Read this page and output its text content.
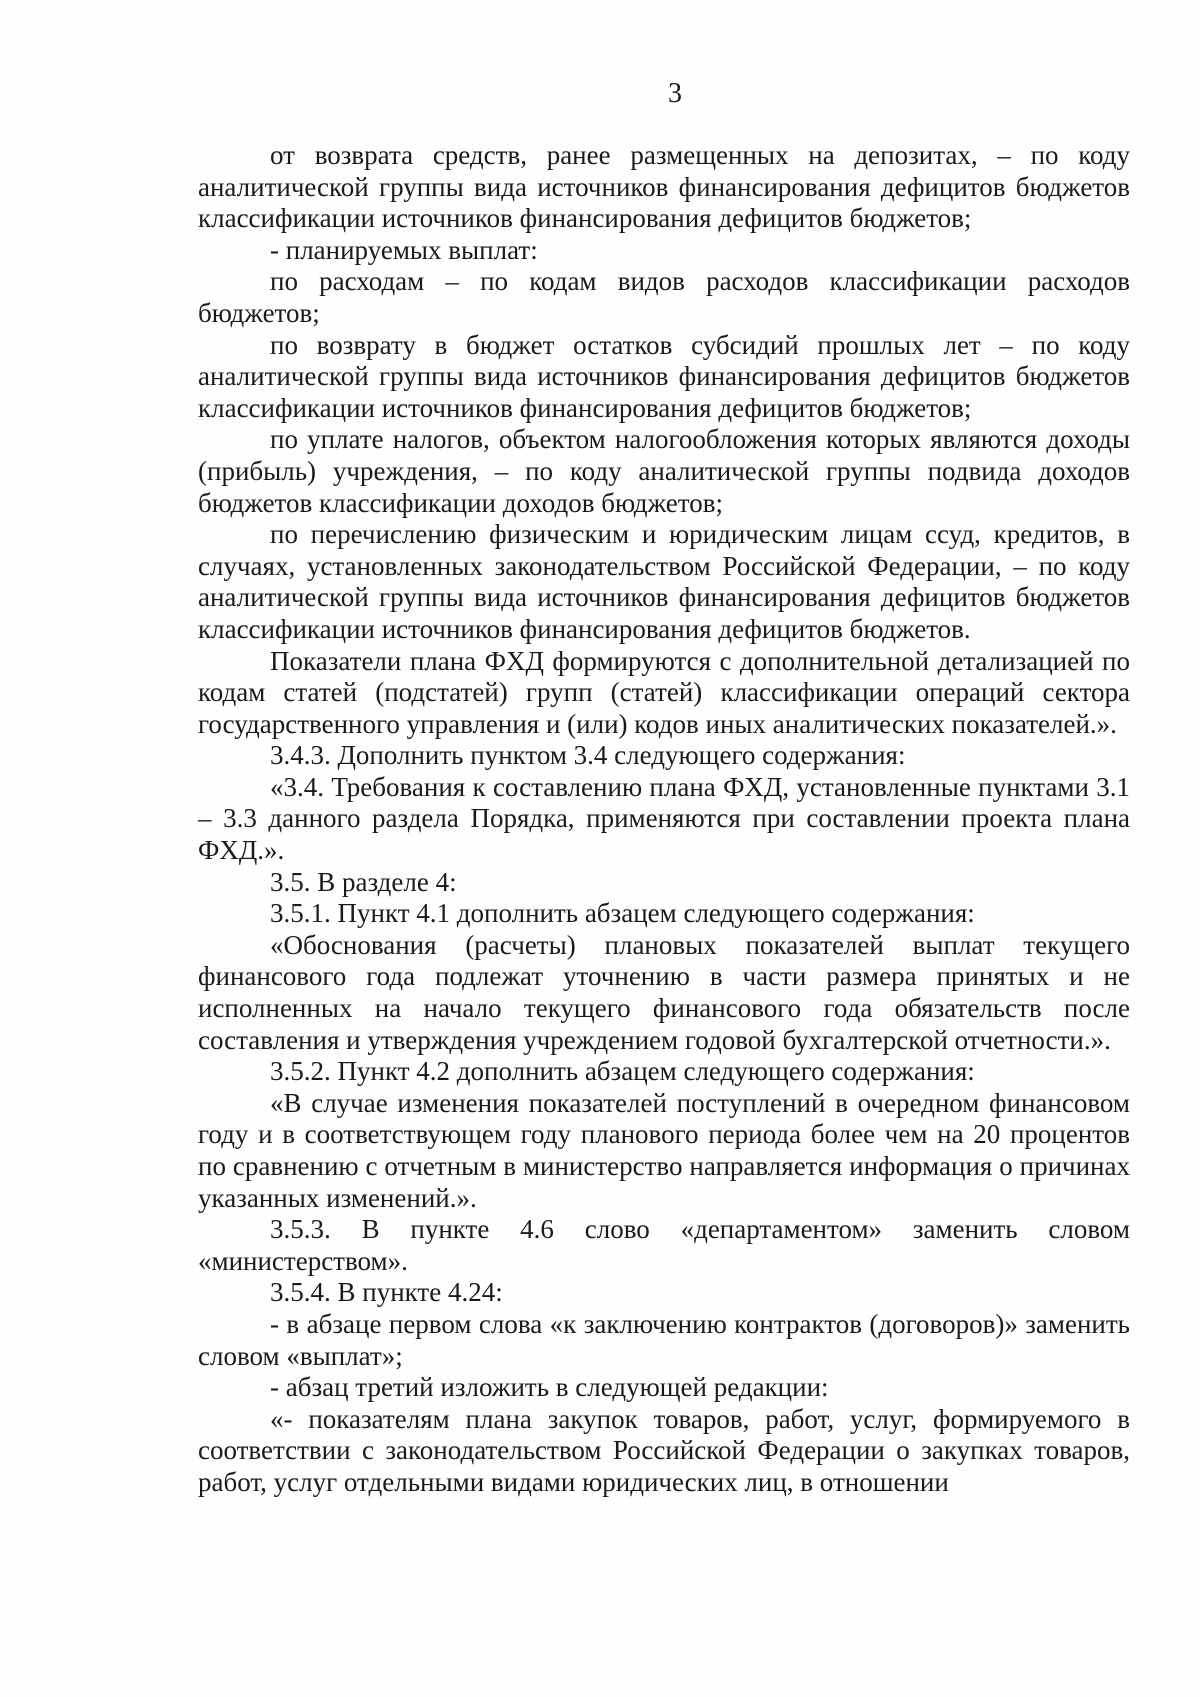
3

от возврата средств, ранее размещенных на депозитах, – по коду аналитической группы вида источников финансирования дефицитов бюджетов классификации источников финансирования дефицитов бюджетов;

- планируемых выплат:

по расходам – по кодам видов расходов классификации расходов бюджетов;

по возврату в бюджет остатков субсидий прошлых лет – по коду аналитической группы вида источников финансирования дефицитов бюджетов классификации источников финансирования дефицитов бюджетов;

по уплате налогов, объектом налогообложения которых являются доходы (прибыль) учреждения, – по коду аналитической группы подвида доходов бюджетов классификации доходов бюджетов;

по перечислению физическим и юридическим лицам ссуд, кредитов, в случаях, установленных законодательством Российской Федерации, – по коду аналитической группы вида источников финансирования дефицитов бюджетов классификации источников финансирования дефицитов бюджетов.

Показатели плана ФХД формируются с дополнительной детализацией по кодам статей (подстатей) групп (статей) классификации операций сектора государственного управления и (или) кодов иных аналитических показателей.».

3.4.3. Дополнить пунктом 3.4 следующего содержания:

«3.4. Требования к составлению плана ФХД, установленные пунктами 3.1 – 3.3 данного раздела Порядка, применяются при составлении проекта плана ФХД.».

3.5. В разделе 4:

3.5.1. Пункт 4.1 дополнить абзацем следующего содержания:

«Обоснования (расчеты) плановых показателей выплат текущего финансового года подлежат уточнению в части размера принятых и не исполненных на начало текущего финансового года обязательств после составления и утверждения учреждением годовой бухгалтерской отчетности.».

3.5.2. Пункт 4.2 дополнить абзацем следующего содержания:

«В случае изменения показателей поступлений в очередном финансовом году и в соответствующем году планового периода более чем на 20 процентов по сравнению с отчетным в министерство направляется информация о причинах указанных изменений.».

3.5.3. В пункте 4.6 слово «департаментом» заменить словом «министерством».

3.5.4. В пункте 4.24:

- в абзаце первом слова «к заключению контрактов (договоров)» заменить словом «выплат»;

- абзац третий изложить в следующей редакции:

«- показателям плана закупок товаров, работ, услуг, формируемого в соответствии с законодательством Российской Федерации о закупках товаров, работ, услуг отдельными видами юридических лиц, в отношении
